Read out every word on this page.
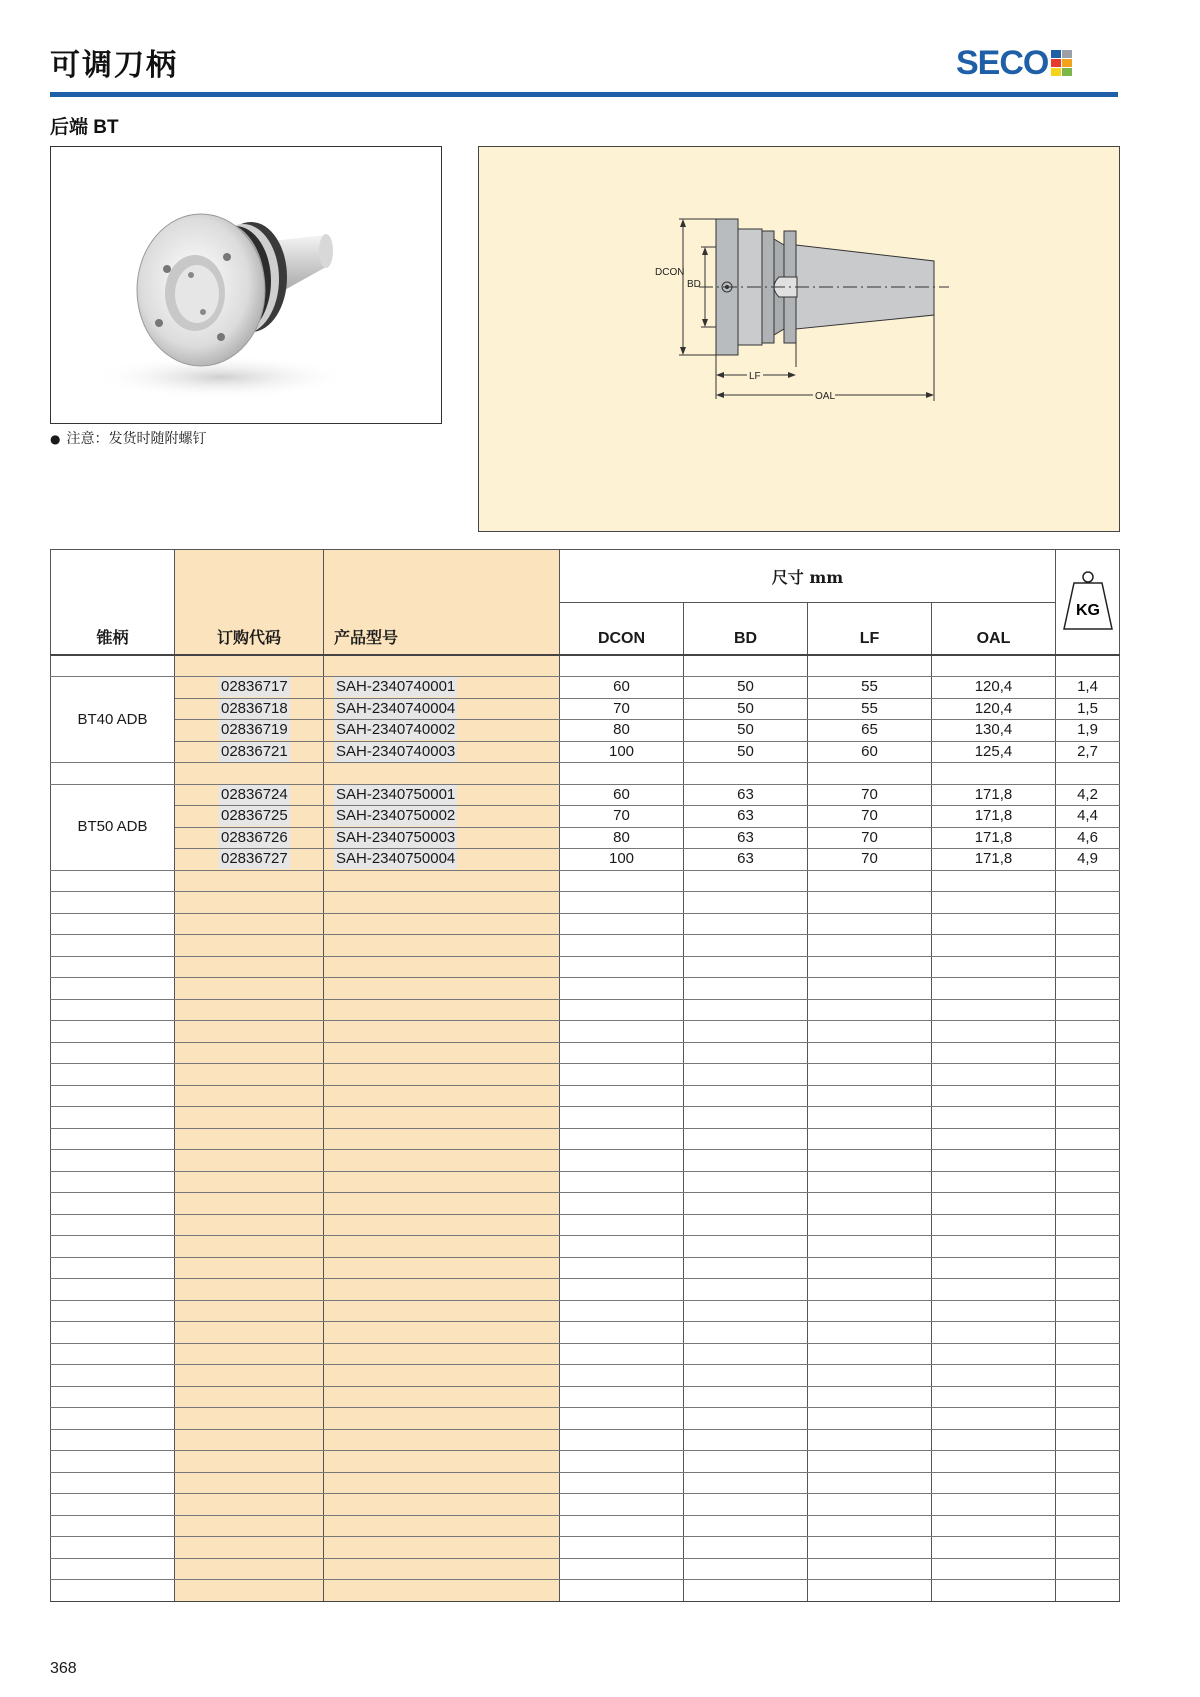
可调刀柄	SECO
后端 BT
● 注意：发货时随附螺钉
DCON
BD
LF
OAL
锥柄	订购代码	产品型号	尺寸 mm				KG

			DCON	BD	LF	OAL	

BT40 ADB	02836717	SAH-2340740001	60	50	55	120,4	1,4
	02836718	SAH-2340740004	70	50	55	120,4	1,5
	02836719	SAH-2340740002	80	50	65	130,4	1,9
	02836721	SAH-2340740003	100	50	60	125,4	2,7

BT50 ADB	02836724	SAH-2340750001	60	63	70	171,8	4,2
	02836725	SAH-2340750002	70	63	70	171,8	4,4
	02836726	SAH-2340750003	80	63	70	171,8	4,6
	02836727	SAH-2340750004	100	63	70	171,8	4,9

368
